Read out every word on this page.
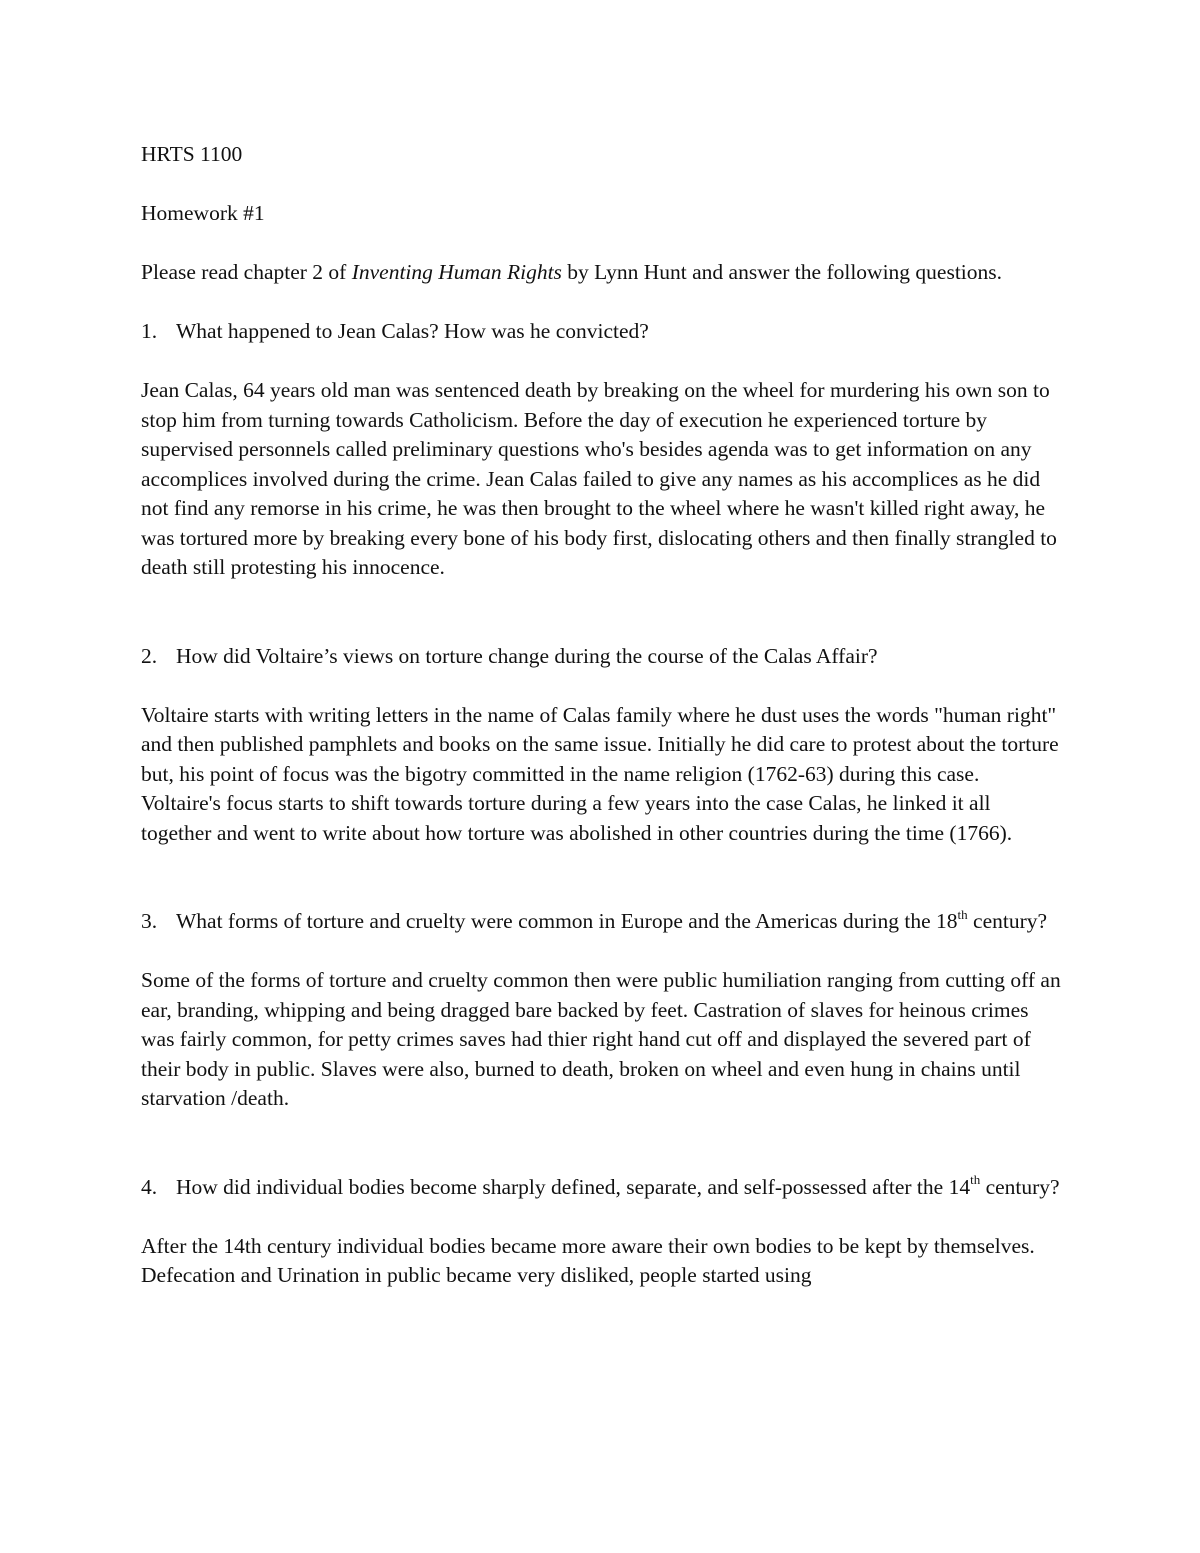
HRTS 1100

Homework #1

Please read chapter 2 of Inventing Human Rights by Lynn Hunt and answer the following questions.

1. What happened to Jean Calas? How was he convicted?

Jean Calas, 64 years old man was sentenced death by breaking on the wheel for murdering his own son to stop him from turning towards Catholicism. Before the day of execution he experienced torture by supervised personnels called preliminary questions who's besides agenda was to get information on any accomplices involved during the crime. Jean Calas failed to give any names as his accomplices as he did not find any remorse in his crime, he was then brought to the wheel where he wasn't killed right away, he was tortured more by breaking every bone of his body first, dislocating others and then finally strangled to death still protesting his innocence.

2. How did Voltaire’s views on torture change during the course of the Calas Affair?

Voltaire starts with writing letters in the name of Calas family where he dust uses the words "human right" and then published pamphlets and books on the same issue. Initially he did care to protest about the torture but, his point of focus was the bigotry committed in the name religion (1762-63) during this case. Voltaire's focus starts to shift towards torture during a few years into the case Calas, he linked it all together and went to write about how torture was abolished in other countries during the time (1766).

3. What forms of torture and cruelty were common in Europe and the Americas during the 18th century?

Some of the forms of torture and cruelty common then were public humiliation ranging from cutting off an ear, branding, whipping and being dragged bare backed by feet. Castration of slaves for heinous crimes was fairly common, for petty crimes saves had thier right hand cut off and displayed the severed part of their body in public. Slaves were also, burned to death, broken on wheel and even hung in chains until starvation /death.

4. How did individual bodies become sharply defined, separate, and self-possessed after the 14th century?

After the 14th century individual bodies became more aware their own bodies to be kept by themselves. Defecation and Urination in public became very disliked, people started using
